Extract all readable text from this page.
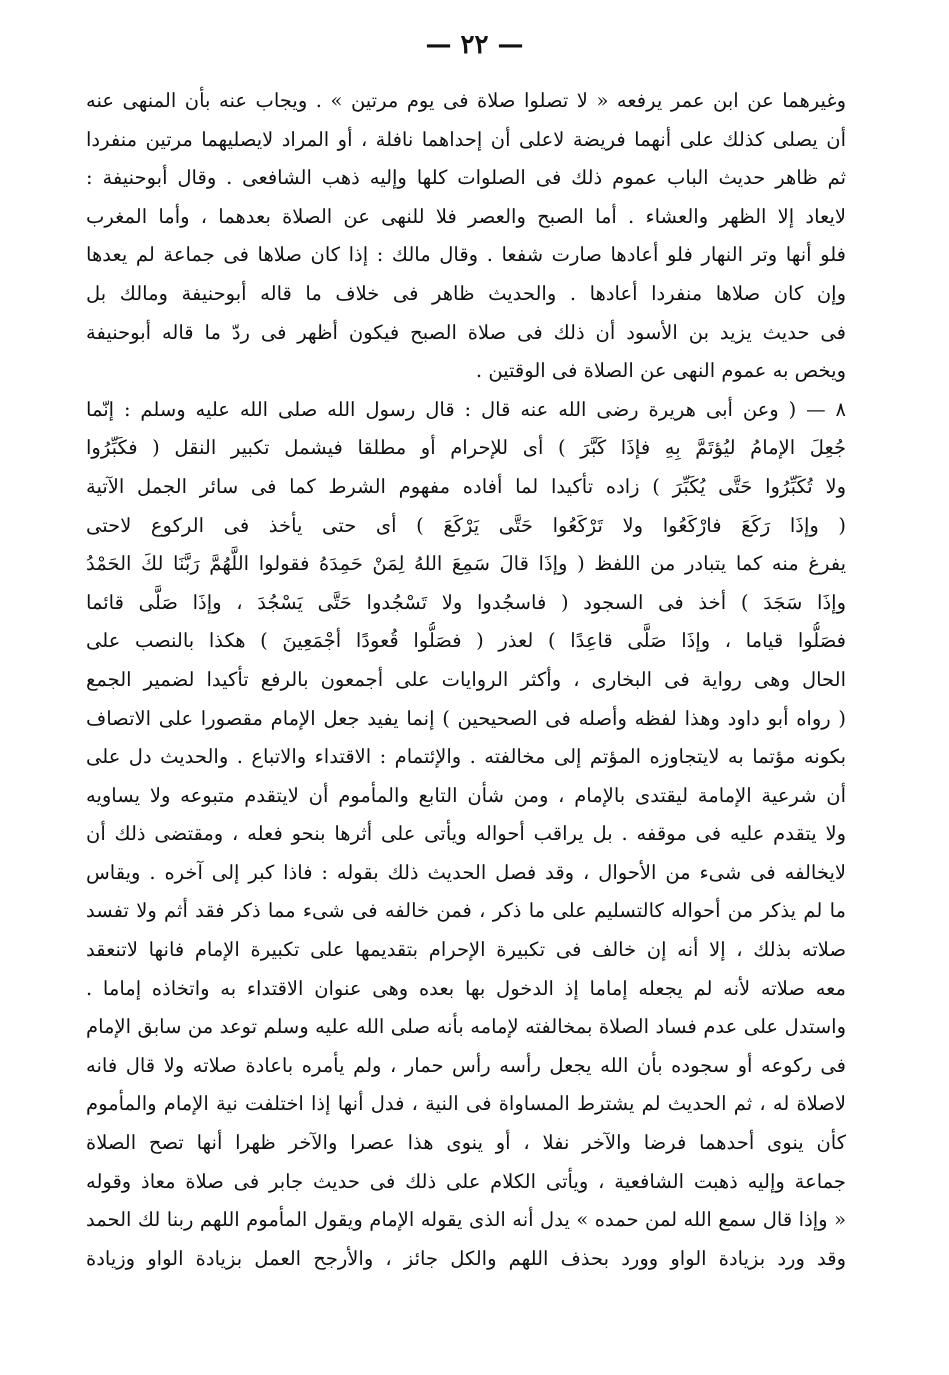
— ٢٢ —
وغيرهما عن ابن عمر يرفعه « لا تصلوا صلاة فى يوم مرتين » . ويجاب عنه بأن المنهى عنه
أن يصلى كذلك على أنهما فريضة لاعلى أن إحداهما نافلة ، أو المراد لايصليهما مرتين منفردا
ثم ظاهر حديث الباب عموم ذلك فى الصلوات كلها وإليه ذهب الشافعى . وقال أبوحنيفة :
لايعاد إلا الظهر والعشاء . أما الصبح والعصر فلا للنهى عن الصلاة بعدهما ، وأما المغرب
فلو أنها وتر النهار فلو أعادها صارت شفعا . وقال مالك : إذا كان صلاها فى جماعة لم يعدها
وإن كان صلاها منفردا أعادها . والحديث ظاهر فى خلاف ما قاله أبوحنيفة ومالك بل
فى حديث يزيد بن الأسود أن ذلك فى صلاة الصبح فيكون أظهر فى ردّ ما قاله أبوحنيفة
ويخص به عموم النهى عن الصلاة فى الوقتين .
٨ — ( وعن أبى هريرة رضى الله عنه قال : قال رسول الله صلى الله عليه وسلم : إنّما
جُعِلَ الإمامُ ليُؤتَمَّ بِهِ فإذَا كَبَّرَ ) أى للإحرام أو مطلقا فيشمل تكبير النقل ( فكَبِّرُوا
ولا تُكَبِّرُوا حَتَّى يُكَبِّرَ ) زاده تأكيدا لما أفاده مفهوم الشرط كما فى سائر الجمل الآتية
( وإذَا رَكَعَ فارْكَعُوا ولا تَرْكَعُوا حَتَّى يَرْكَعَ ) أى حتى يأخذ فى الركوع لاحتى
يفرغ منه كما يتبادر من اللفظ ( وإذَا قالَ سَمِعَ اللهُ لِمَنْ حَمِدَهُ فقولوا اللَّهُمَّ رَبَّنَا لكَ الحَمْدُ
وإذَا سَجَدَ ) أخذ فى السجود ( فاسجُدوا ولا تَسْجُدوا حَتَّى يَسْجُدَ ، وإذَا صَلَّى قائما
فصَلُّوا قياما ، وإذَا صَلَّى قاعِدًا ) لعذر ( فصَلُّوا قُعودًا أجْمَعِينَ ) هكذا بالنصب على
الحال وهى رواية فى البخارى ، وأكثر الروايات على أجمعون بالرفع تأكيدا لضمير الجمع
( رواه أبو داود وهذا لفظه وأصله فى الصحيحين ) إنما يفيد جعل الإمام مقصورا على الاتصاف
بكونه مؤتما به لايتجاوزه المؤتم إلى مخالفته . والإئتمام : الاقتداء والاتباع . والحديث دل على
أن شرعية الإمامة ليقتدى بالإمام ، ومن شأن التابع والمأموم أن لايتقدم متبوعه ولا يساويه
ولا يتقدم عليه فى موقفه . بل يراقب أحواله ويأتى على أثرها بنحو فعله ، ومقتضى ذلك أن
لايخالفه فى شىء من الأحوال ، وقد فصل الحديث ذلك بقوله : فاذا كبر إلى آخره . ويقاس
ما لم يذكر من أحواله كالتسليم على ما ذكر ، فمن خالفه فى شىء مما ذكر فقد أثم ولا تفسد
صلاته بذلك ، إلا أنه إن خالف فى تكبيرة الإحرام بتقديمها على تكبيرة الإمام فانها لاتنعقد
معه صلاته لأنه لم يجعله إماما إذ الدخول بها بعده وهى عنوان الاقتداء به واتخاذه إماما .
واستدل على عدم فساد الصلاة بمخالفته لإمامه بأنه صلى الله عليه وسلم توعد من سابق الإمام
فى ركوعه أو سجوده بأن الله يجعل رأسه رأس حمار ، ولم يأمره باعادة صلاته ولا قال فانه
لاصلاة له ، ثم الحديث لم يشترط المساواة فى النية ، فدل أنها إذا اختلفت نية الإمام والمأموم
كأن ينوى أحدهما فرضا والآخر نفلا ، أو ينوى هذا عصرا والآخر ظهرا أنها تصح الصلاة
جماعة وإليه ذهبت الشافعية ، ويأتى الكلام على ذلك فى حديث جابر فى صلاة معاذ وقوله
« وإذا قال سمع الله لمن حمده » يدل أنه الذى يقوله الإمام ويقول المأموم اللهم ربنا لك الحمد
وقد ورد بزيادة الواو وورد بحذف اللهم والكل جائز ، والأرجح العمل بزيادة الواو وزيادة
